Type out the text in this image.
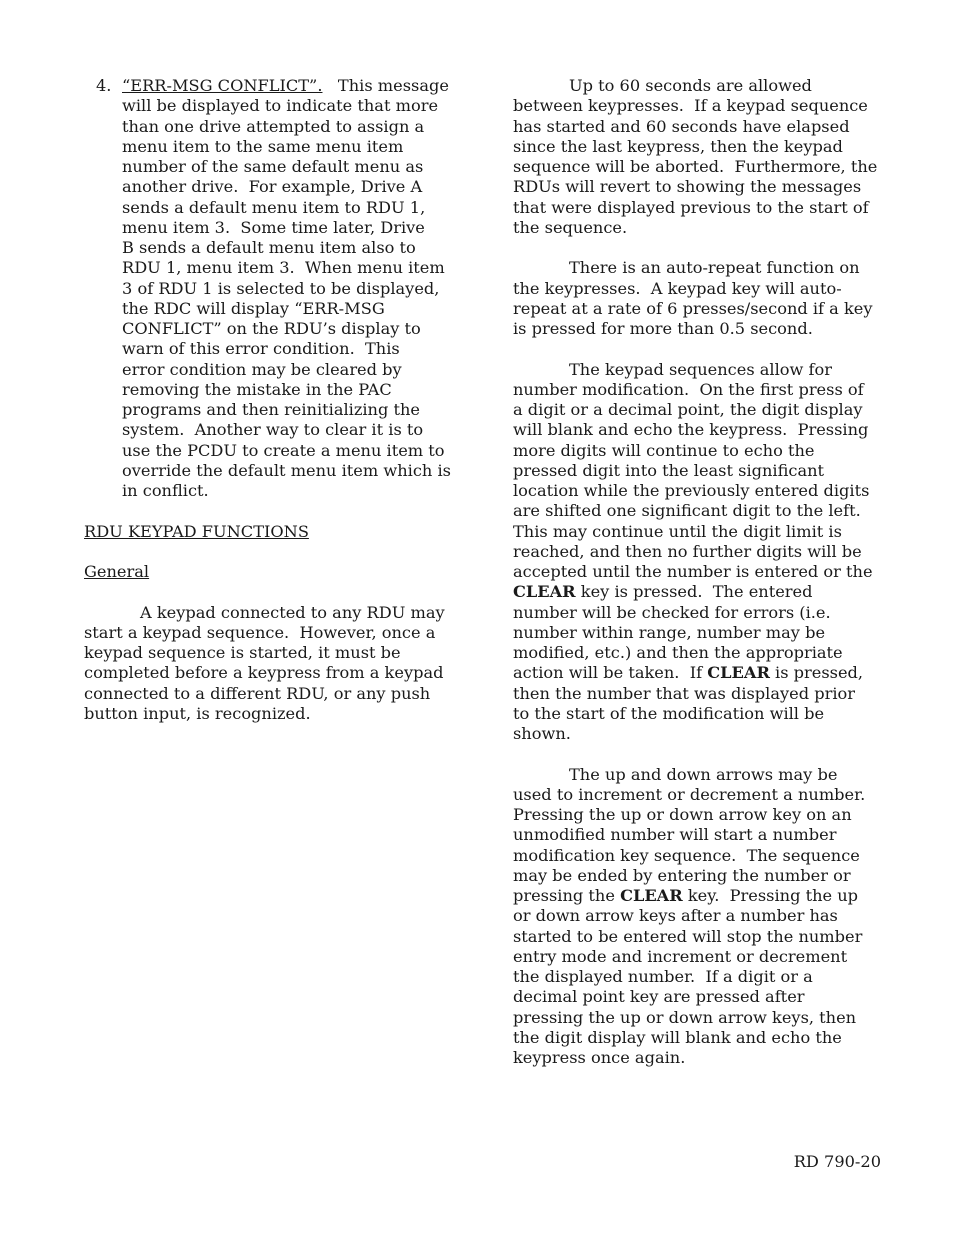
4. “ERR-MSG CONFLICT”. This message
will be displayed to indicate that more
than one drive attempted to assign a
menu item to the same menu item
number of the same default menu as
another drive.  For example, Drive A
sends a default menu item to RDU 1,
menu item 3.  Some time later, Drive
B sends a default menu item also to
RDU 1, menu item 3.  When menu item
3 of RDU 1 is selected to be displayed,
the RDC will display “ERR-MSG
CONFLICT” on the RDU’s display to
warn of this error condition.  This
error condition may be cleared by
removing the mistake in the PAC
programs and then reinitializing the
system.  Another way to clear it is to
use the PCDU to create a menu item to
override the default menu item which is
in conflict.
RDU KEYPAD FUNCTIONS
General
A keypad connected to any RDU may
start a keypad sequence.  However, once a
keypad sequence is started, it must be
completed before a keypress from a keypad
connected to a different RDU, or any push
button input, is recognized.
Up to 60 seconds are allowed
between keypresses.  If a keypad sequence
has started and 60 seconds have elapsed
since the last keypress, then the keypad
sequence will be aborted.  Furthermore, the
RDUs will revert to showing the messages
that were displayed previous to the start of
the sequence.
There is an auto-repeat function on
the keypresses.  A keypad key will auto-
repeat at a rate of 6 presses/second if a key
is pressed for more than 0.5 second.
The keypad sequences allow for
number modification.  On the first press of
a digit or a decimal point, the digit display
will blank and echo the keypress.  Pressing
more digits will continue to echo the
pressed digit into the least significant
location while the previously entered digits
are shifted one significant digit to the left.
This may continue until the digit limit is
reached, and then no further digits will be
accepted until the number is entered or the
CLEAR key is pressed.  The entered
number will be checked for errors (i.e.
number within range, number may be
modified, etc.) and then the appropriate
action will be taken.  If CLEAR is pressed,
then the number that was displayed prior
to the start of the modification will be
shown.
The up and down arrows may be
used to increment or decrement a number.
Pressing the up or down arrow key on an
unmodified number will start a number
modification key sequence.  The sequence
may be ended by entering the number or
pressing the CLEAR key.  Pressing the up
or down arrow keys after a number has
started to be entered will stop the number
entry mode and increment or decrement
the displayed number.  If a digit or a
decimal point key are pressed after
pressing the up or down arrow keys, then
the digit display will blank and echo the
keypress once again.
RD 790-20
